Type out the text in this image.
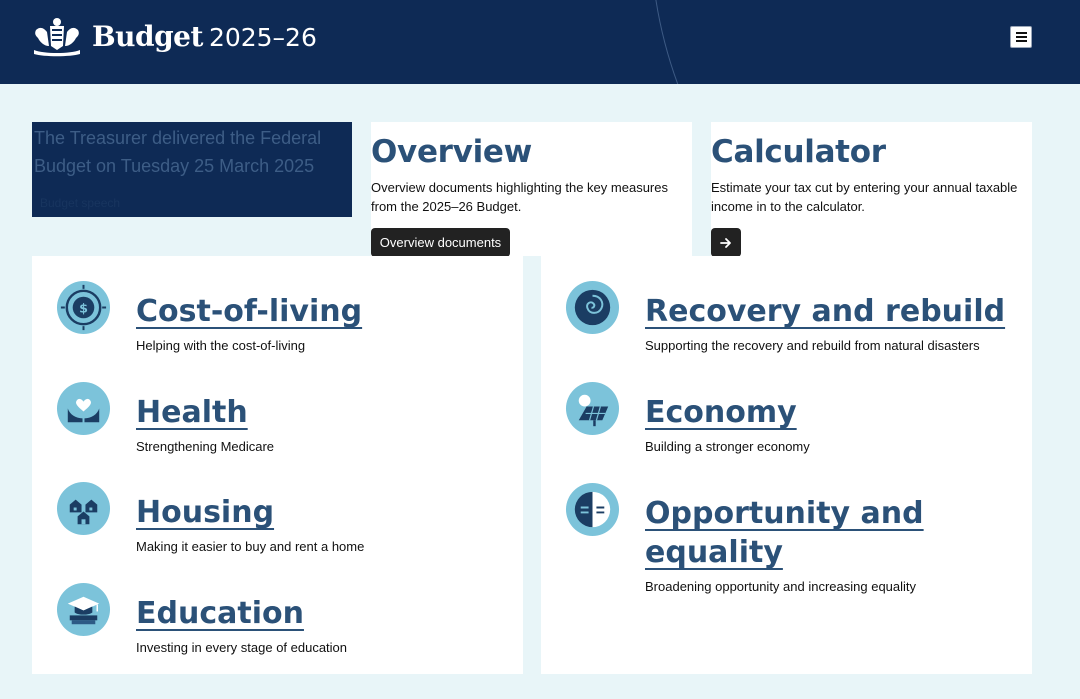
Budget 2025–26
The Treasurer delivered the Federal Budget on Tuesday 25 March 2025
Budget speech
Overview

Overview documents highlighting the key measures from the 2025–26 Budget.

Overview documents
Calculator

Estimate your tax cut by entering your annual taxable income in to the calculator.

$ Cost-of-living
Helping with the cost-of-living
Health
Strengthening Medicare
Housing
Making it easier to buy and rent a home
Education
Investing in every stage of education
Recovery and rebuild
Supporting the recovery and rebuild from natural disasters
Economy
Building a stronger economy
Opportunity and equality
Broadening opportunity and increasing equality
